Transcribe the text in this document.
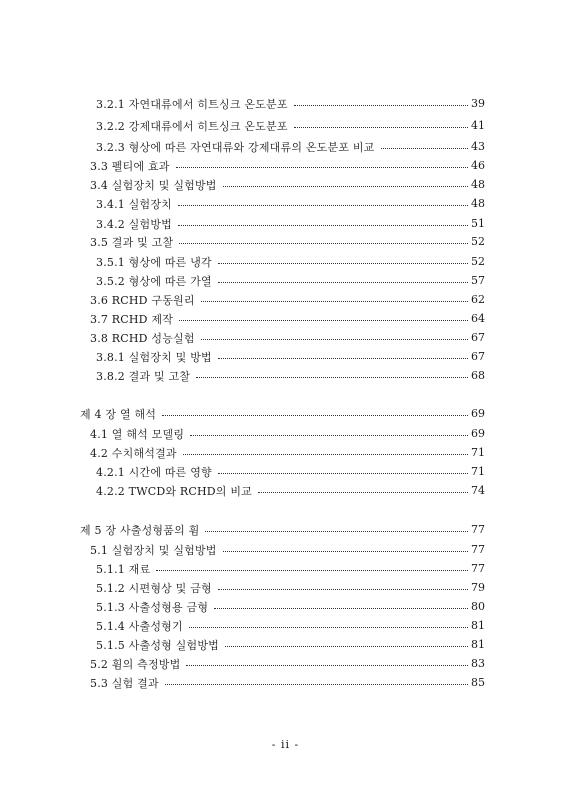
3.2.1 자연대류에서 히트싱크 온도분포	39
3.2.2 강제대류에서 히트싱크 온도분포	41
3.2.3 형상에 따른 자연대류와 강제대류의 온도분포 비교	43
3.3 펠티에 효과	46
3.4 실험장치 및 실험방법	48
3.4.1 실험장치	48
3.4.2 실험방법	51
3.5 결과 및 고찰	52
3.5.1 형상에 따른 냉각	52
3.5.2 형상에 따른 가열	57
3.6 RCHD 구동원리	62
3.7 RCHD 제작	64
3.8 RCHD 성능실험	67
3.8.1 실험장치 및 방법	67
3.8.2 결과 및 고찰	68
제 4 장 열 해석	69
4.1 열 해석 모델링	69
4.2 수치해석결과	71
4.2.1 시간에 따른 영향	71
4.2.2 TWCD와 RCHD의 비교	74
제 5 장 사출성형품의 휨	77
5.1 실험장치 및 실험방법	77
5.1.1 재료	77
5.1.2 시편형상 및 금형	79
5.1.3 사출성형용 금형	80
5.1.4 사출성형기	81
5.1.5 사출성형 실험방법	81
5.2 휨의 측정방법	83
5.3 실험 결과	85
- ii -
